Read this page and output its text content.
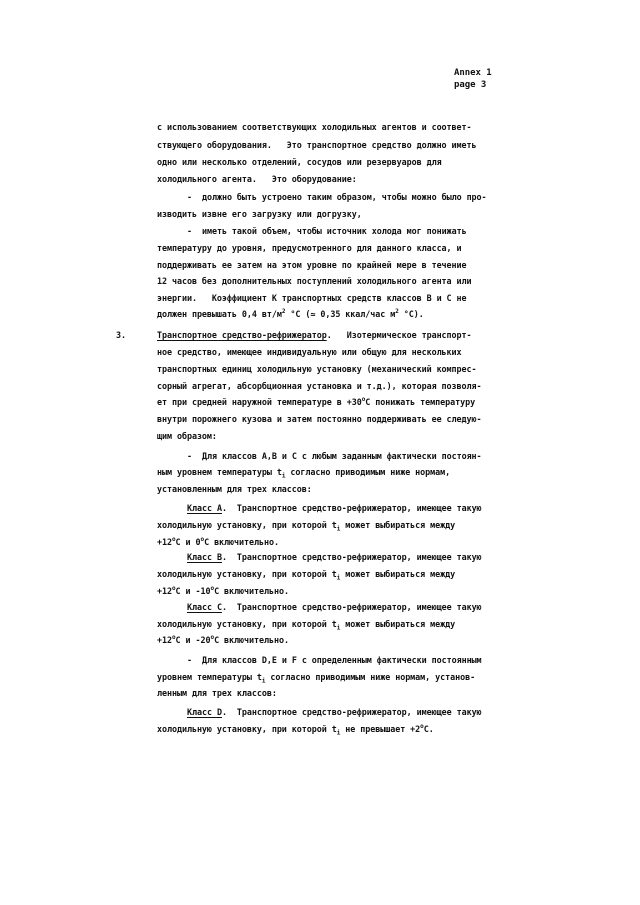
Annex 1
page 3
с использованием соответствующих холодильных агентов и соответ-
ствующего оборудования.   Это транспортное средство должно иметь
одно или несколько отделений, сосудов или резервуаров для
холодильного агента.   Это оборудование:
-  должно быть устроено таким образом, чтобы можно было про-
изводить извне его загрузку или догрузку,
-  иметь такой объем, чтобы источник холода мог понижать
температуру до уровня, предусмотренного для данного класса, и
поддерживать ее затем на этом уровне по крайней мере в течение
12 часов без дополнительных поступлений холодильного агента или
энергии.   Коэффициент К транспортных средств классов В и С не
должен превышать 0,4 $вт/м^2$ °С (≃ 0,35 ккал/час $м^2$ °С).
3.	Транспортное средство-рефрижератор.   Изотермическое транспорт-
ное средство, имеющее индивидуальную или общую для нескольких
транспортных единиц холодильную установку (механический компрес-
сорный агрегат, абсорбционная установка и т.д.), которая позволя-
ет при средней наружной температуре $в +30^оС$ понижать температуру
внутри порожнего кузова и затем постоянно поддерживать ее следую-
щим образом:
-  Для классов А,В и С с любым заданным фактически постоян-
ным уровнем температуры $t_i$ согласно приводимым ниже нормам,
установленным для трех классов:
Класс А.  Транспортное средство-рефрижератор, имеющее такую
холодильную установку, при которой $t_i$ может выбираться между
$+12^оС$ и $0^оС$ включительно.
Класс В.  Транспортное средство-рефрижератор, имеющее такую
холодильную установку, при которой $t_i$ может выбираться между
$+12^оС$ и $-10^оС$ включительно.
Класс С.  Транспортное средство-рефрижератор, имеющее такую
холодильную установку, при которой $t_i$ может выбираться между
$+12^оС$ и $-20^оС$ включительно.
-  Для классов D,E и F с определенным фактически постоянным
уровнем температуры $t_i$ согласно приводимым ниже нормам, установ-
ленным для трех классов:
Класс D.  Транспортное средство-рефрижератор, имеющее такую
холодильную установку, при которой $t_i$ не превышает $+2^оС$.
